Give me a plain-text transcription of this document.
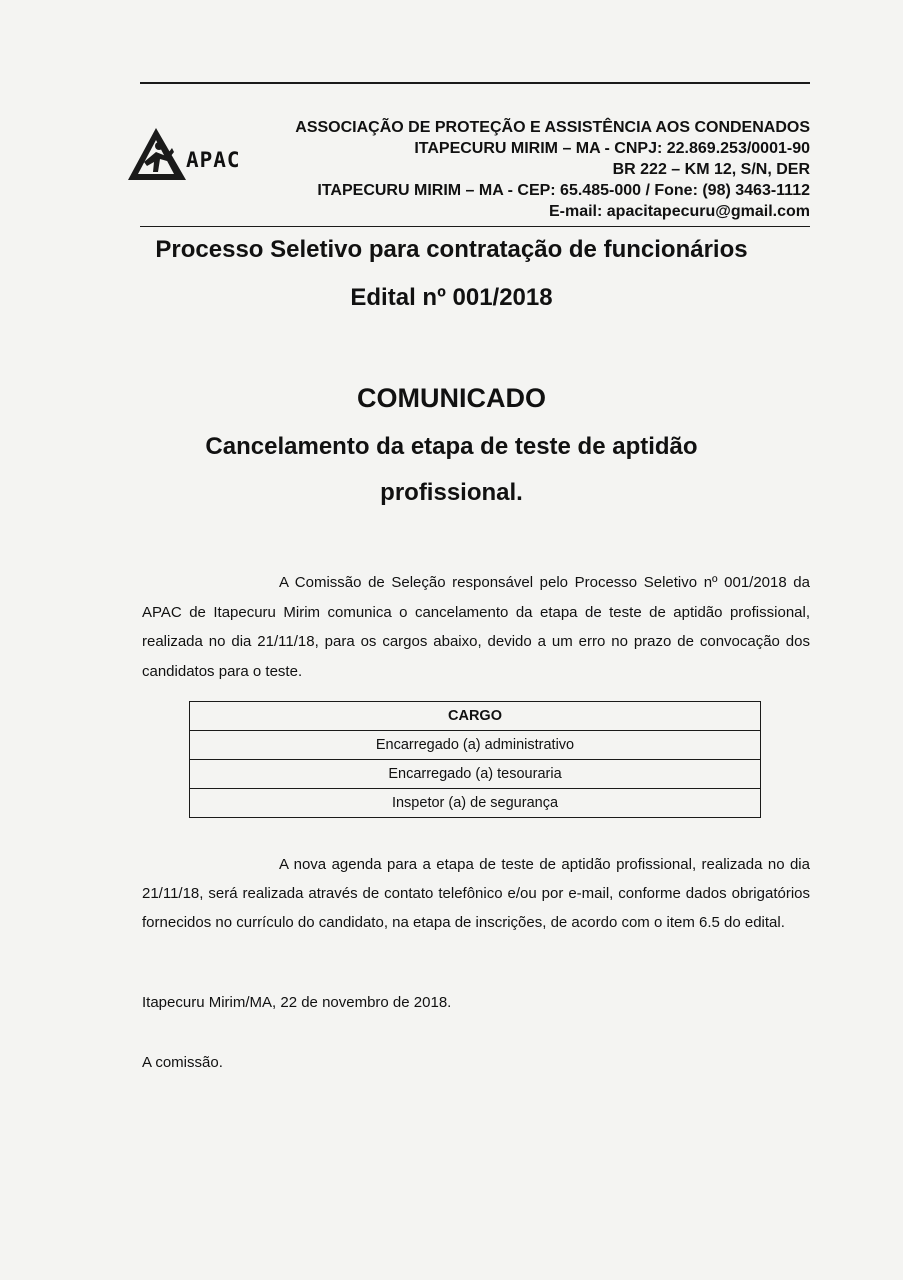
APAC
ASSOCIAÇÃO DE PROTEÇÃO E ASSISTÊNCIA AOS CONDENADOS
ITAPECURU MIRIM – MA - CNPJ: 22.869.253/0001-90
BR 222 – KM 12, S/N, DER
ITAPECURU MIRIM – MA - CEP: 65.485-000 / Fone: (98) 3463-1112
E-mail: apacitapecuru@gmail.com
Processo Seletivo para contratação de funcionários
Edital nº 001/2018
COMUNICADO
Cancelamento da etapa de teste de aptidão
profissional.
A Comissão de Seleção responsável pelo Processo Seletivo nº 001/2018 da APAC de Itapecuru Mirim comunica o cancelamento da etapa de teste de aptidão profissional, realizada no dia 21/11/18, para os cargos abaixo, devido a um erro no prazo de convocação dos candidatos para o teste.
CARGO
Encarregado (a) administrativo
Encarregado (a) tesouraria
Inspetor (a) de segurança
A nova agenda para a etapa de teste de aptidão profissional, realizada no dia 21/11/18, será realizada através de contato telefônico e/ou por e-mail, conforme dados obrigatórios fornecidos no currículo do candidato, na etapa de inscrições, de acordo com o item 6.5 do edital.
Itapecuru Mirim/MA, 22 de novembro de 2018.
A comissão.
